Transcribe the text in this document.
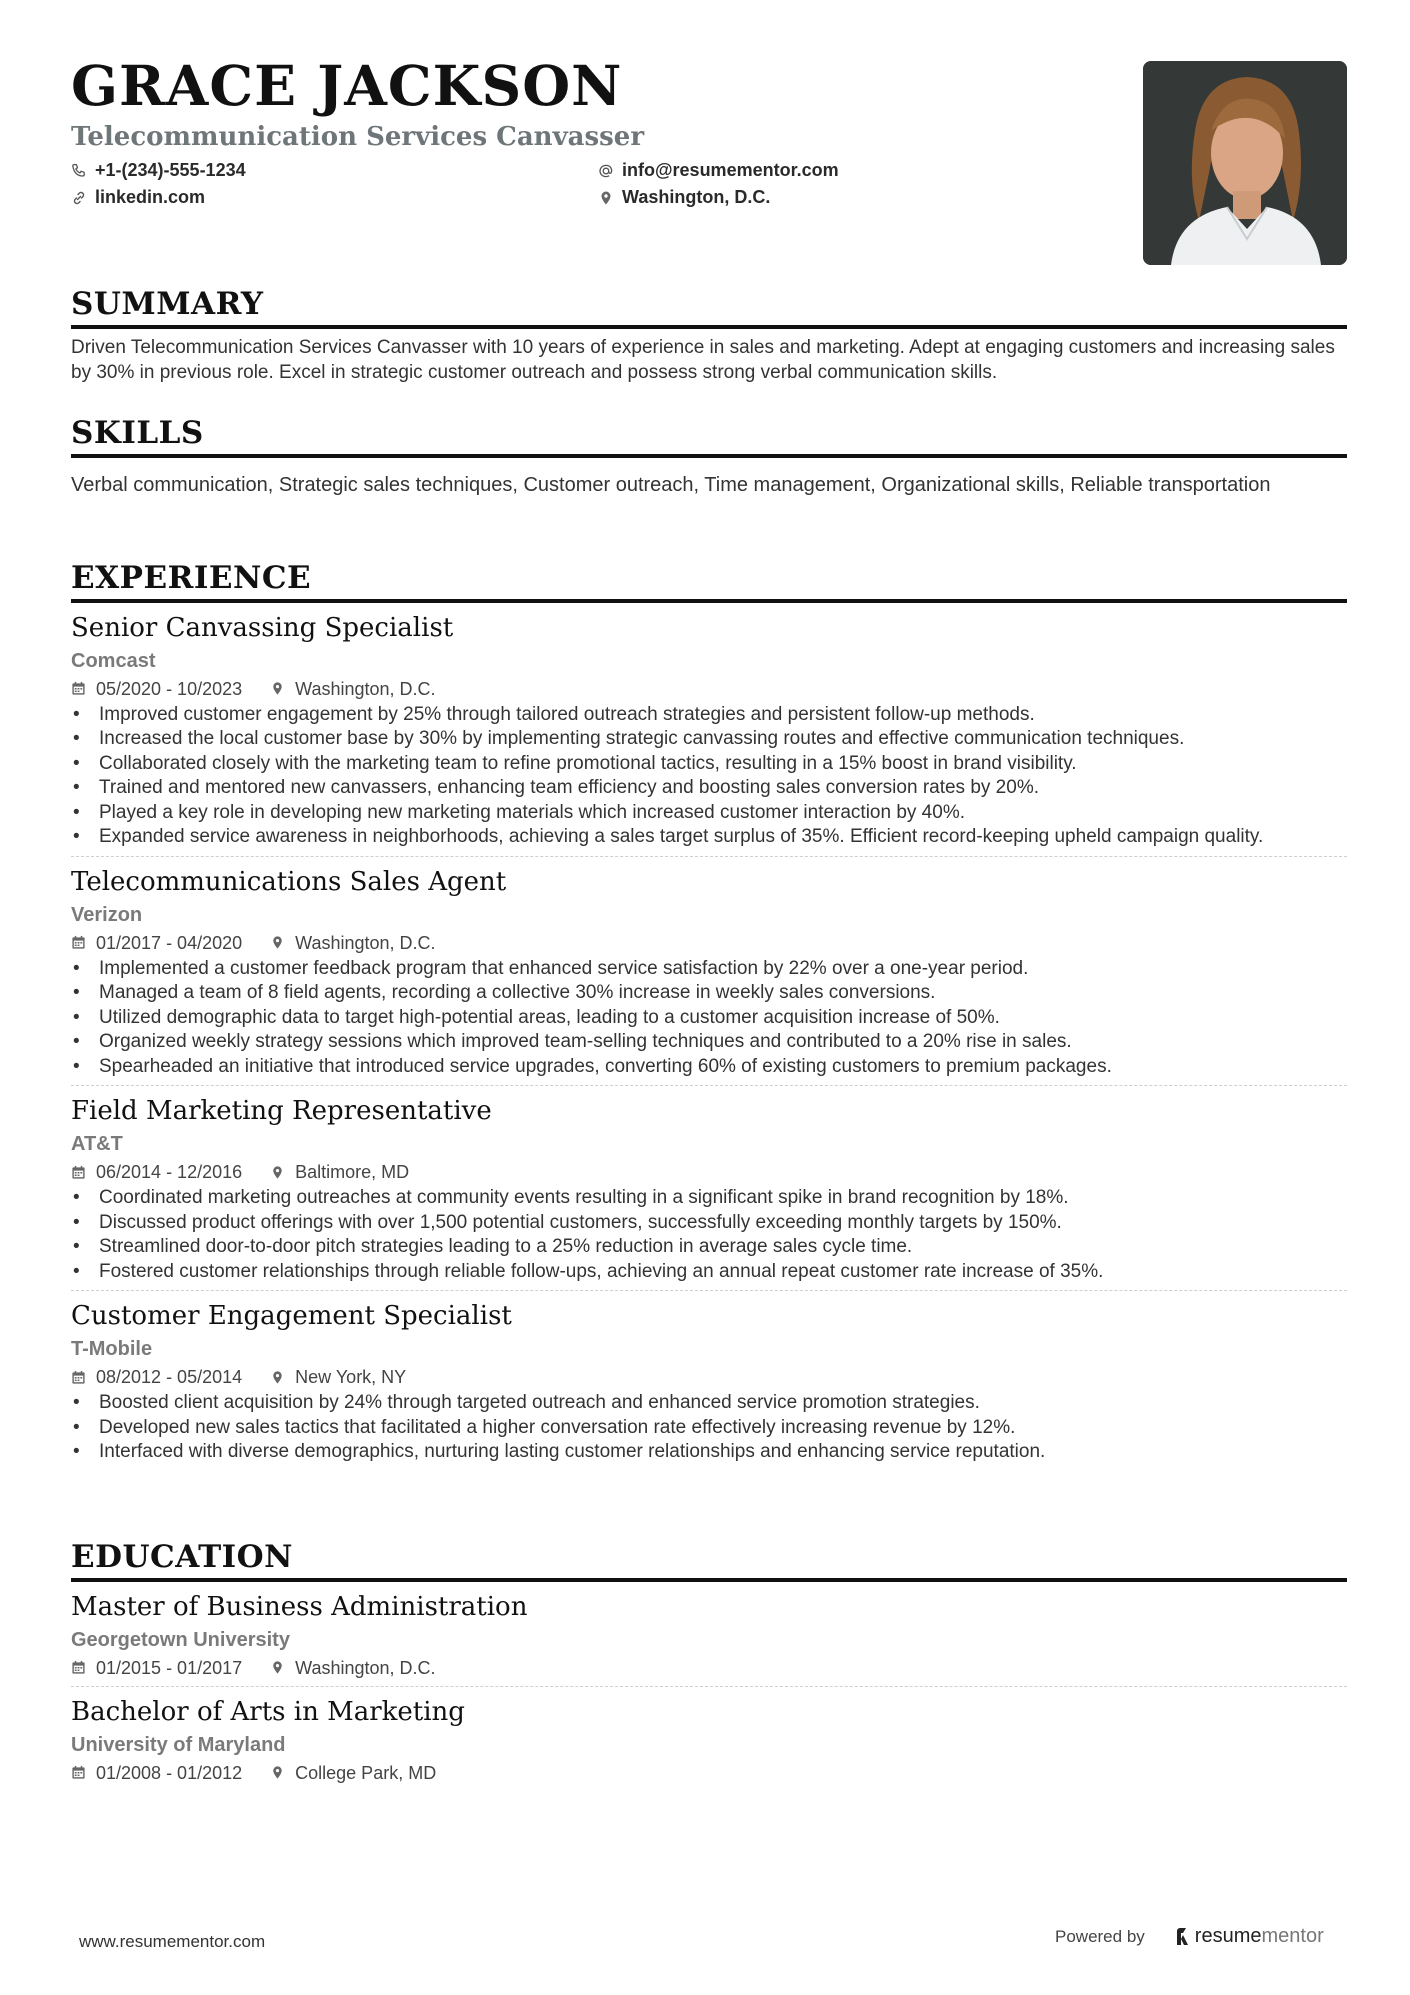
GRACE JACKSON
Telecommunication Services Canvasser
+1-(234)-555-1234	info@resumementor.com
linkedin.com	Washington, D.C.
SUMMARY
Driven Telecommunication Services Canvasser with 10 years of experience in sales and marketing. Adept at engaging customers and increasing sales by 30% in previous role. Excel in strategic customer outreach and possess strong verbal communication skills.
SKILLS
Verbal communication, Strategic sales techniques, Customer outreach, Time management, Organizational skills, Reliable transportation
EXPERIENCE
Senior Canvassing Specialist
Comcast
05/2020 - 10/2023	Washington, D.C.
• Improved customer engagement by 25% through tailored outreach strategies and persistent follow-up methods.
• Increased the local customer base by 30% by implementing strategic canvassing routes and effective communication techniques.
• Collaborated closely with the marketing team to refine promotional tactics, resulting in a 15% boost in brand visibility.
• Trained and mentored new canvassers, enhancing team efficiency and boosting sales conversion rates by 20%.
• Played a key role in developing new marketing materials which increased customer interaction by 40%.
• Expanded service awareness in neighborhoods, achieving a sales target surplus of 35%. Efficient record-keeping upheld campaign quality.
Telecommunications Sales Agent
Verizon
01/2017 - 04/2020	Washington, D.C.
• Implemented a customer feedback program that enhanced service satisfaction by 22% over a one-year period.
• Managed a team of 8 field agents, recording a collective 30% increase in weekly sales conversions.
• Utilized demographic data to target high-potential areas, leading to a customer acquisition increase of 50%.
• Organized weekly strategy sessions which improved team-selling techniques and contributed to a 20% rise in sales.
• Spearheaded an initiative that introduced service upgrades, converting 60% of existing customers to premium packages.
Field Marketing Representative
AT&T
06/2014 - 12/2016	Baltimore, MD
• Coordinated marketing outreaches at community events resulting in a significant spike in brand recognition by 18%.
• Discussed product offerings with over 1,500 potential customers, successfully exceeding monthly targets by 150%.
• Streamlined door-to-door pitch strategies leading to a 25% reduction in average sales cycle time.
• Fostered customer relationships through reliable follow-ups, achieving an annual repeat customer rate increase of 35%.
Customer Engagement Specialist
T-Mobile
08/2012 - 05/2014	New York, NY
• Boosted client acquisition by 24% through targeted outreach and enhanced service promotion strategies.
• Developed new sales tactics that facilitated a higher conversation rate effectively increasing revenue by 12%.
• Interfaced with diverse demographics, nurturing lasting customer relationships and enhancing service reputation.
EDUCATION
Master of Business Administration
Georgetown University
01/2015 - 01/2017	Washington, D.C.
Bachelor of Arts in Marketing
University of Maryland
01/2008 - 01/2012	College Park, MD
www.resumementor.com	Powered by	resume mentor
